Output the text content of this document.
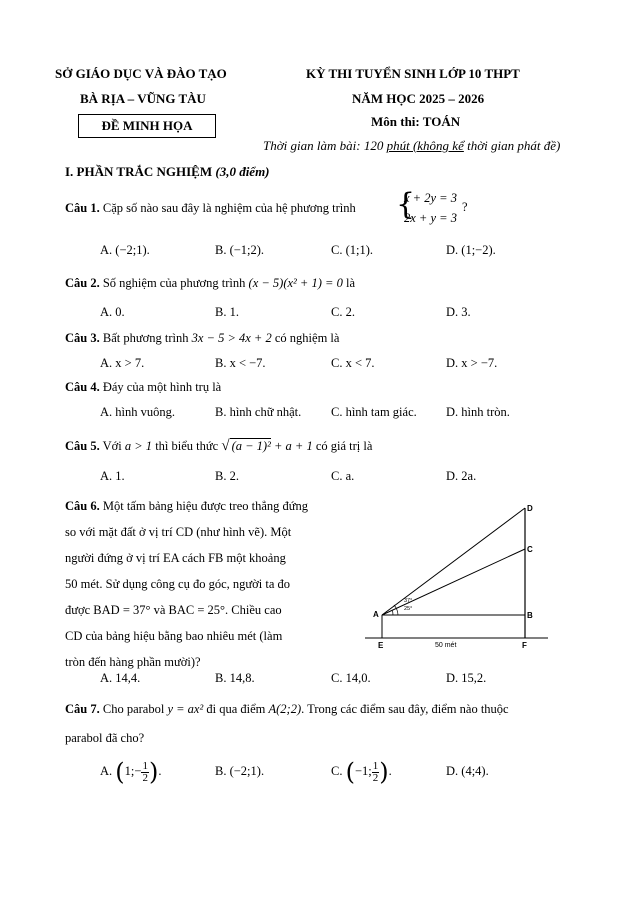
SỞ GIÁO DỤC VÀ ĐÀO TẠO
BÀ RỊA – VŨNG TÀU
ĐỀ MINH HỌA
KỲ THI TUYỂN SINH LỚP 10 THPT
NĂM HỌC 2025 – 2026
Môn thi: TOÁN
Thời gian làm bài: 120 phút (không kể thời gian phát đề)
I. PHẦN TRẮC NGHIỆM (3,0 điểm)
Câu 1. Cặp số nào sau đây là nghiệm của hệ phương trình {
x + 2y = 3
2x + y = 3
?
A. (−2;1).	B. (−1;2).	C. (1;1).	D. (1;−2).
Câu 2. Số nghiệm của phương trình (x − 5)(x² + 1) = 0 là
A. 0.	B. 1.	C. 2.	D. 3.
Câu 3. Bất phương trình 3x − 5 > 4x + 2 có nghiệm là
A. x > 7.	B. x < −7.	C. x < 7.	D. x > −7.
Câu 4. Đáy của một hình trụ là
A. hình vuông.	B. hình chữ nhật. C. hình tam giác. D. hình tròn.
Câu 5. Với a > 1 thì biểu thức √ (a − 1)² + a + 1 có giá trị là
A. 1.	B. 2.	C. a.	D. 2a.
Câu 6. Một tấm bảng hiệu được treo thẳng đứng
so với mặt đất ở vị trí CD (như hình vẽ). Một
người đứng ở vị trí EA cách FB một khoảng
50 mét. Sử dụng công cụ đo góc, người ta đo
được BAD = 37° và BAC = 25°. Chiều cao
CD của bảng hiệu bằng bao nhiêu mét (làm
tròn đến hàng phần mười)?
D
C
A	B
E	F
37°
25°
50 mét
A. 14,4.	B. 14,8.	C. 14,0.	D. 15,2.
Câu 7. Cho parabol y = ax² đi qua điểm A(2;2). Trong các điểm sau đây, điểm nào thuộc
parabol đã cho?
A. (1;− $\frac{1}{2}$ ).	B. (−2;1).	C. (−1; $\frac{1}{2}$ ).	D. (4;4).
